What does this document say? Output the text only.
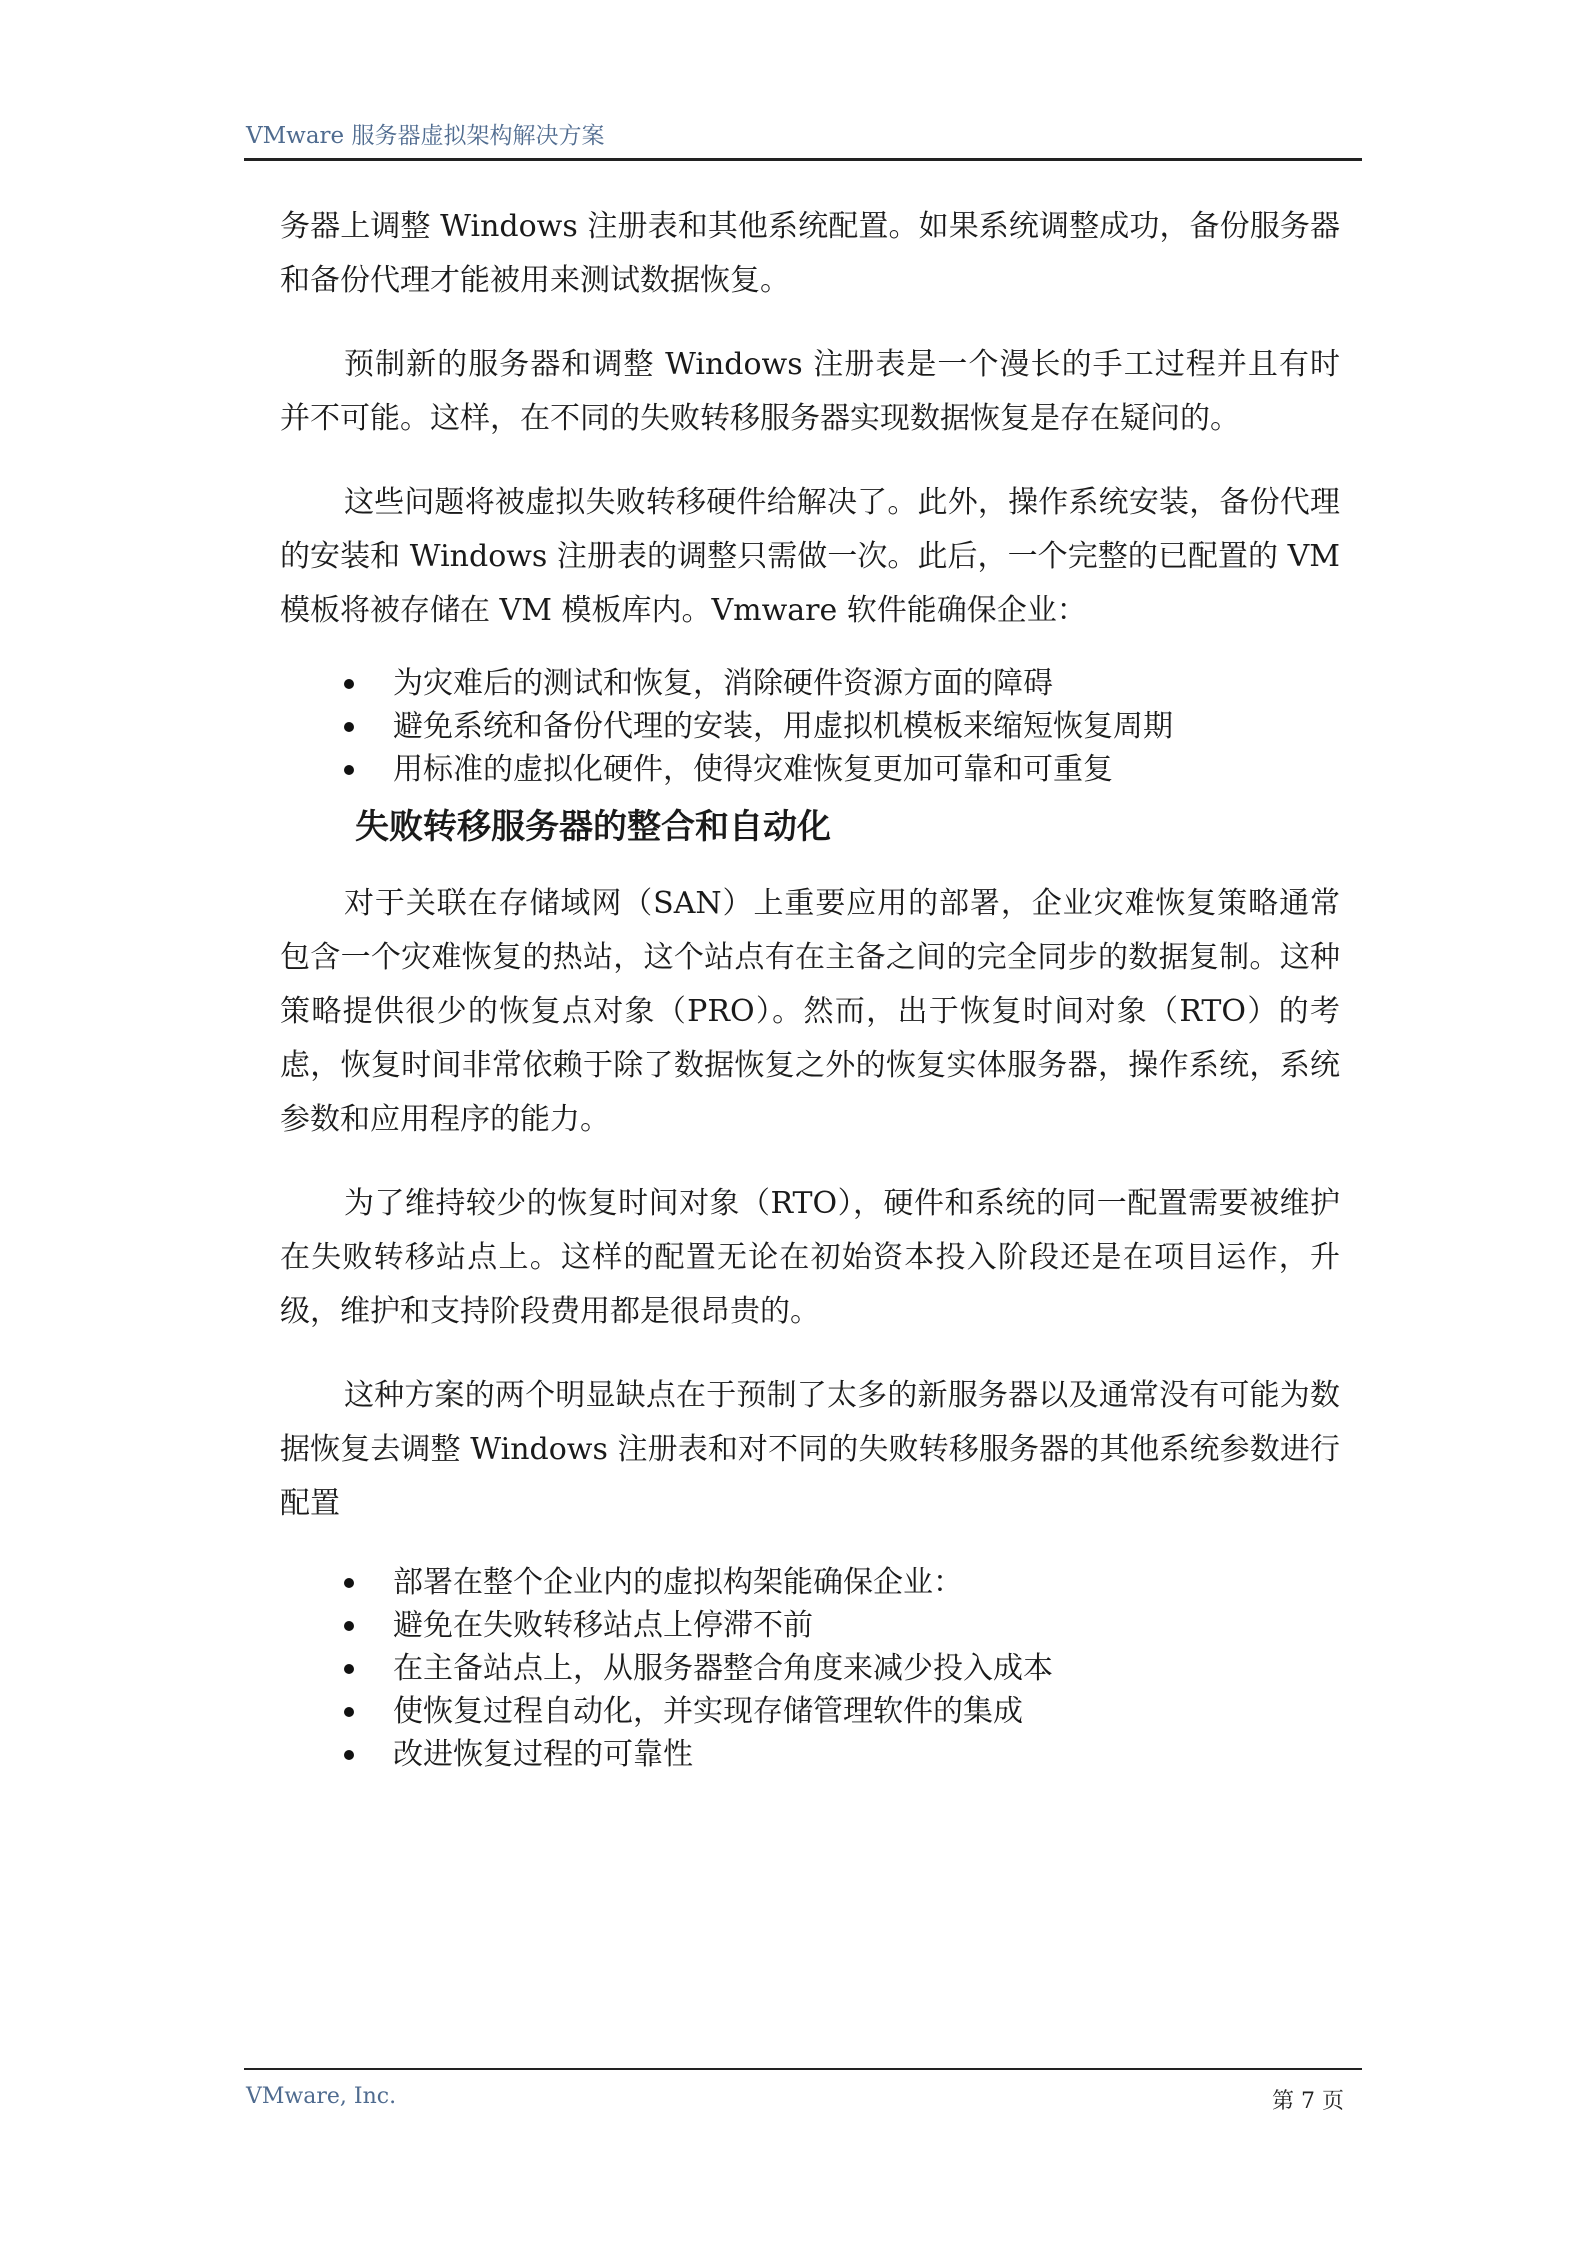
VMware 服务器虚拟架构解决方案

务器上调整 Windows 注册表和其他系统配置。如果系统调整成功，备份服务器和备份代理才能被用来测试数据恢复。

预制新的服务器和调整 Windows 注册表是一个漫长的手工过程并且有时并不可能。这样，在不同的失败转移服务器实现数据恢复是存在疑问的。

这些问题将被虚拟失败转移硬件给解决了。此外，操作系统安装，备份代理的安装和 Windows 注册表的调整只需做一次。此后，一个完整的已配置的 VM 模板将被存储在 VM 模板库内。Vmware 软件能确保企业：

为灾难后的测试和恢复，消除硬件资源方面的障碍
避免系统和备份代理的安装，用虚拟机模板来缩短恢复周期
用标准的虚拟化硬件，使得灾难恢复更加可靠和可重复
失败转移服务器的整合和自动化

对于关联在存储域网（SAN）上重要应用的部署，企业灾难恢复策略通常包含一个灾难恢复的热站，这个站点有在主备之间的完全同步的数据复制。这种策略提供很少的恢复点对象（PRO）。然而，出于恢复时间对象（RTO）的考虑，恢复时间非常依赖于除了数据恢复之外的恢复实体服务器，操作系统，系统参数和应用程序的能力。

为了维持较少的恢复时间对象（RTO），硬件和系统的同一配置需要被维护在失败转移站点上。这样的配置无论在初始资本投入阶段还是在项目运作，升级，维护和支持阶段费用都是很昂贵的。

这种方案的两个明显缺点在于预制了太多的新服务器以及通常没有可能为数据恢复去调整 Windows 注册表和对不同的失败转移服务器的其他系统参数进行配置

部署在整个企业内的虚拟构架能确保企业：
避免在失败转移站点上停滞不前
在主备站点上，从服务器整合角度来减少投入成本
使恢复过程自动化，并实现存储管理软件的集成
改进恢复过程的可靠性
VMware, Inc.	第 7 页
